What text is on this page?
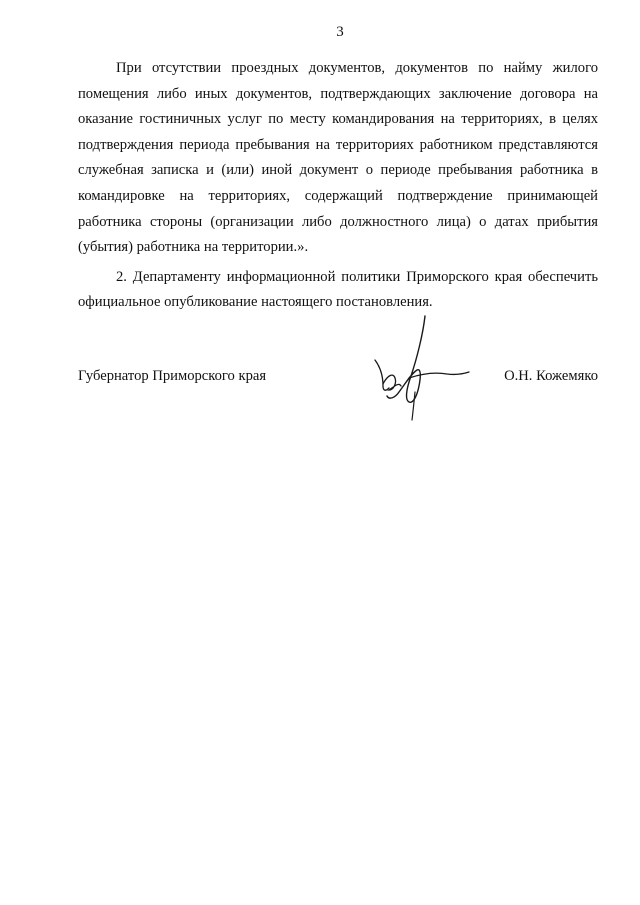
3

При отсутствии проездных документов, документов по найму жилого помещения либо иных документов, подтверждающих заключение договора на оказание гостиничных услуг по месту командирования на территориях, в целях подтверждения периода пребывания на территориях работником представляются служебная записка и (или) иной документ о периоде пребывания работника в командировке на территориях, содержащий подтверждение принимающей работника стороны (организации либо должностного лица) о датах прибытия (убытия) работника на территории.».

2. Департаменту информационной политики Приморского края обеспечить официальное опубликование настоящего постановления.

Губернатор Приморского края	О.Н. Кожемяко
